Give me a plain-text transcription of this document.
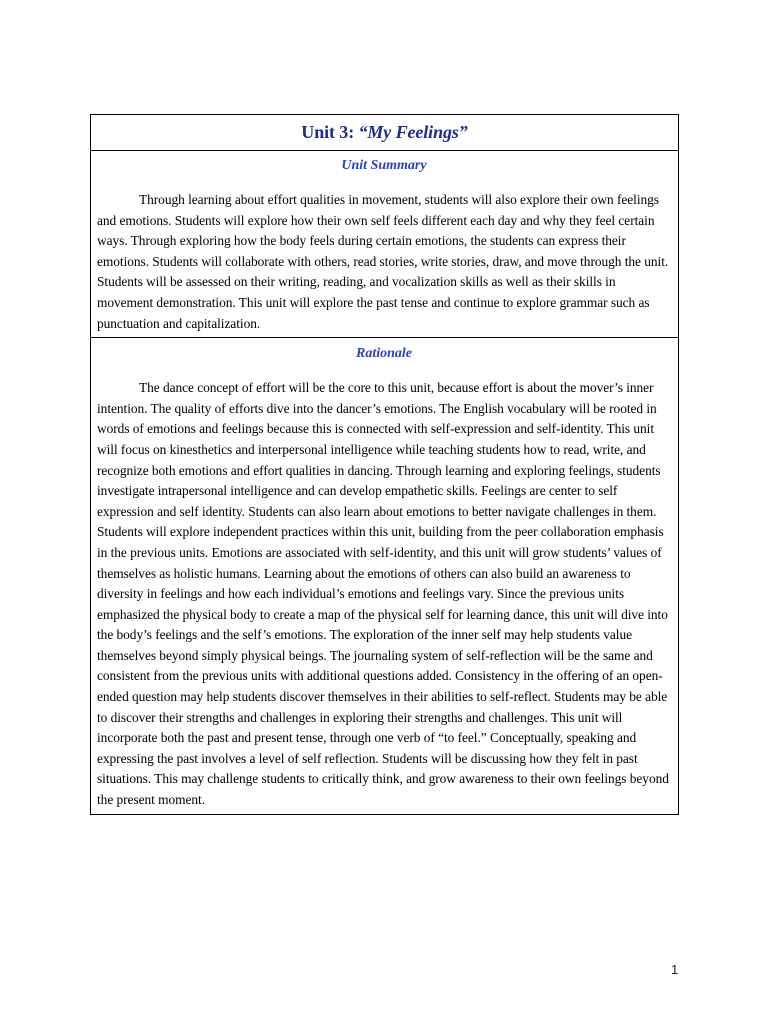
Unit 3: “My Feelings”

Unit Summary

Through learning about effort qualities in movement, students will also explore their own feelings and emotions. Students will explore how their own self feels different each day and why they feel certain ways. Through exploring how the body feels during certain emotions, the students can express their emotions. Students will collaborate with others, read stories, write stories, draw, and move through the unit. Students will be assessed on their writing, reading, and vocalization skills as well as their skills in movement demonstration. This unit will explore the past tense and continue to explore grammar such as punctuation and capitalization.

Rationale

The dance concept of effort will be the core to this unit, because effort is about the mover’s inner intention. The quality of efforts dive into the dancer’s emotions. The English vocabulary will be rooted in words of emotions and feelings because this is connected with self-expression and self-identity. This unit will focus on kinesthetics and interpersonal intelligence while teaching students how to read, write, and recognize both emotions and effort qualities in dancing. Through learning and exploring feelings, students investigate intrapersonal intelligence and can develop empathetic skills. Feelings are center to self expression and self identity. Students can also learn about emotions to better navigate challenges in them. Students will explore independent practices within this unit, building from the peer collaboration emphasis in the previous units. Emotions are associated with self-identity, and this unit will grow students’ values of themselves as holistic humans. Learning about the emotions of others can also build an awareness to diversity in feelings and how each individual’s emotions and feelings vary. Since the previous units emphasized the physical body to create a map of the physical self for learning dance, this unit will dive into the body’s feelings and the self’s emotions. The exploration of the inner self may help students value themselves beyond simply physical beings. The journaling system of self-reflection will be the same and consistent from the previous units with additional questions added. Consistency in the offering of an open-ended question may help students discover themselves in their abilities to self-reflect. Students may be able to discover their strengths and challenges in exploring their strengths and challenges. This unit will incorporate both the past and present tense, through one verb of “to feel.” Conceptually, speaking and expressing the past involves a level of self reflection. Students will be discussing how they felt in past situations. This may challenge students to critically think, and grow awareness to their own feelings beyond the present moment.

1
